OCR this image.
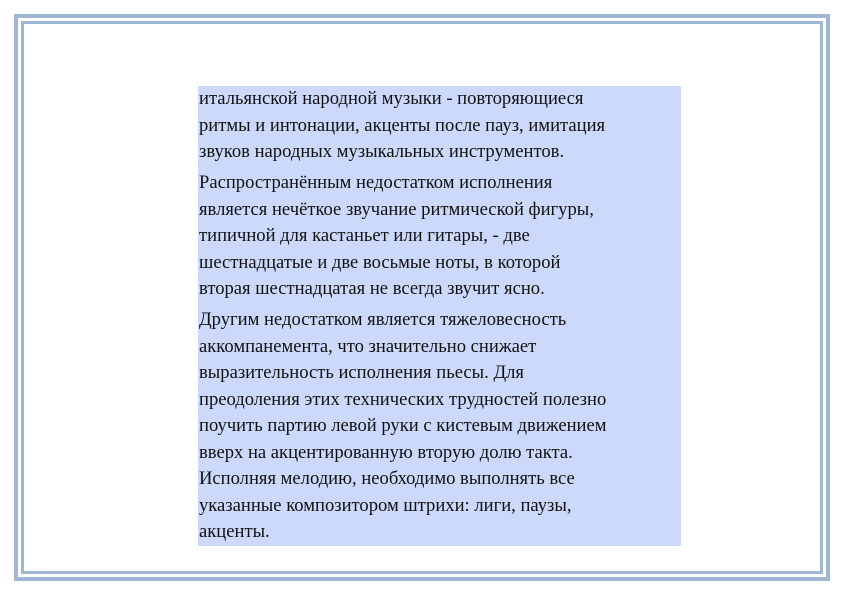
итальянской народной музыки - повторяющиеся
ритмы и интонации, акценты после пауз, имитация
звуков народных музыкальных инструментов.

Распространённым недостатком исполнения
является нечёткое звучание ритмической фигуры,
типичной для кастаньет или гитары, - две
шестнадцатые и две восьмые ноты, в которой
вторая шестнадцатая не всегда звучит ясно.

Другим недостатком является тяжеловесность
аккомпанемента, что значительно снижает
выразительность исполнения пьесы. Для
преодоления этих технических трудностей полезно
поучить партию левой руки с кистевым движением
вверх на акцентированную вторую долю такта.
Исполняя мелодию, необходимо выполнять все
указанные композитором штрихи: лиги, паузы,
акценты.
